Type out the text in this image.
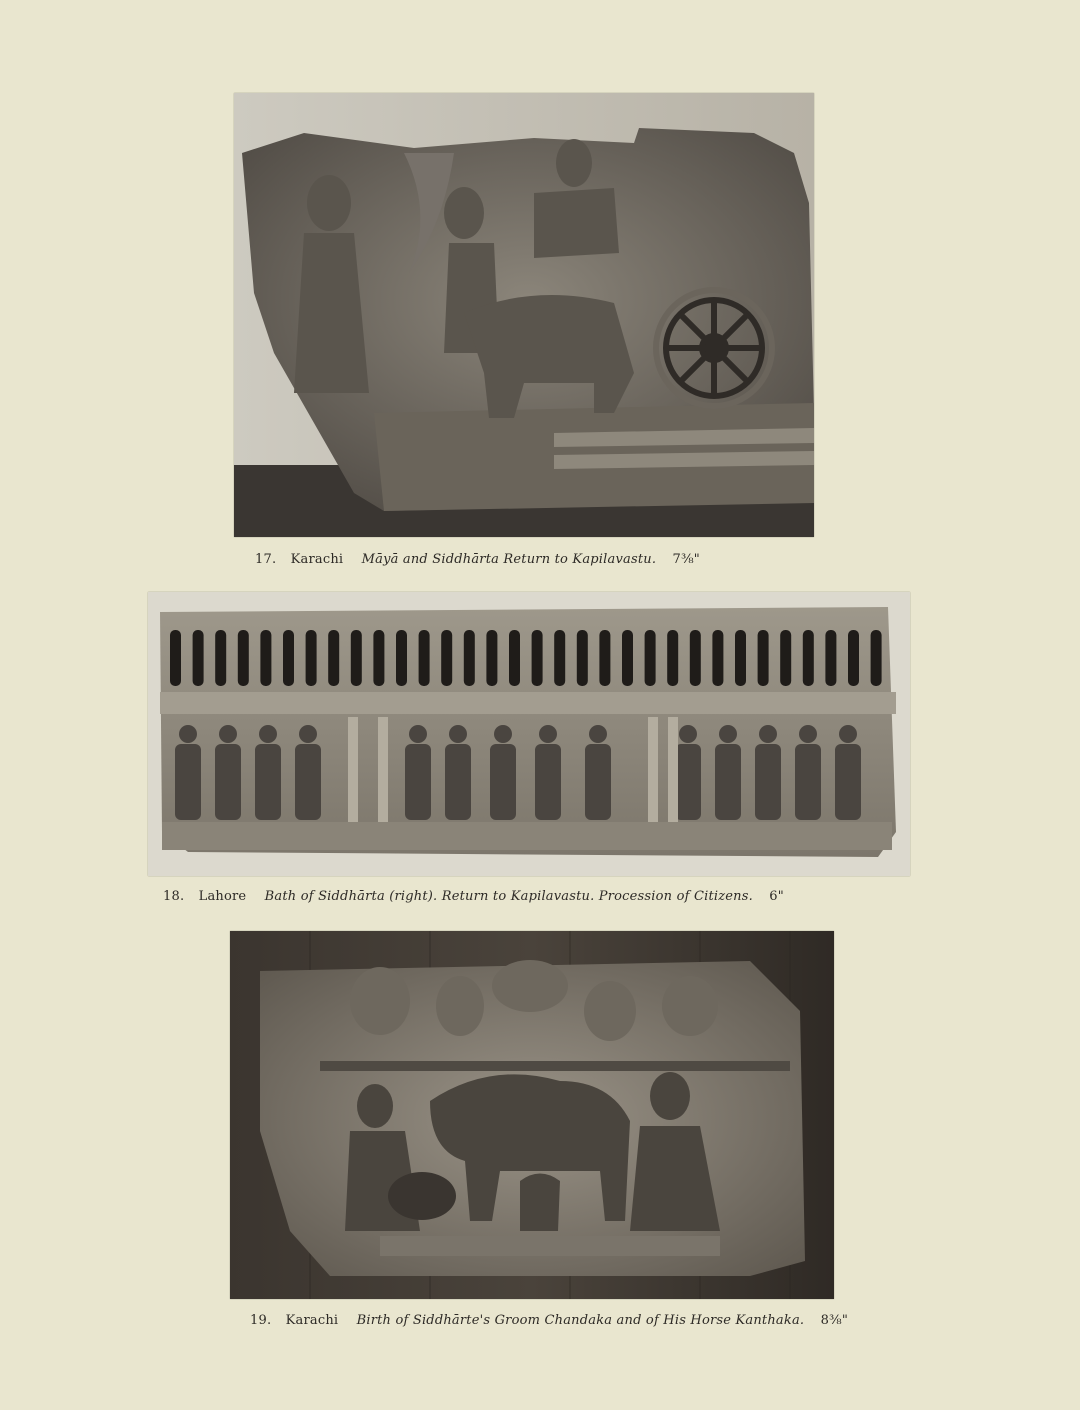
17. Karachi Māyā and Siddhārta Return to Kapilavastu. 7⅜"
18. Lahore Bath of Siddhārta (right). Return to Kapilavastu. Procession of Citizens. 6"
19. Karachi Birth of Siddhārte's Groom Chandaka and of His Horse Kanthaka. 8⅜"
